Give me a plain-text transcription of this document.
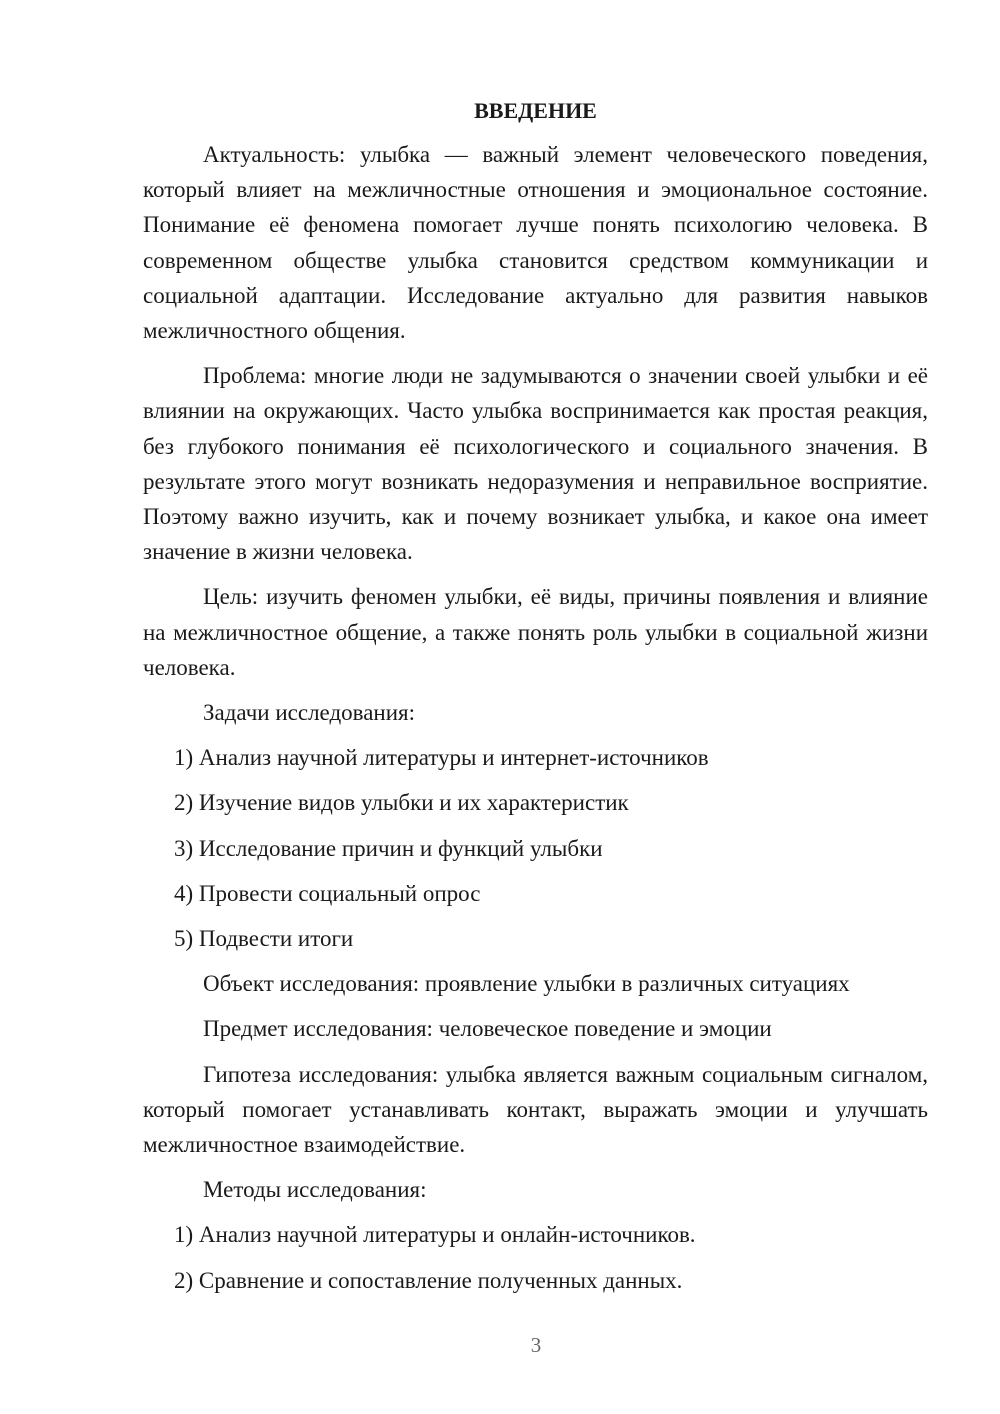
ВВЕДЕНИЕ
Актуальность: улыбка — важный элемент человеческого поведения, который влияет на межличностные отношения и эмоциональное состояние. Понимание её феномена помогает лучше понять психологию человека. В современном обществе улыбка становится средством коммуникации и социальной адаптации. Исследование актуально для развития навыков межличностного общения.
Проблема: многие люди не задумываются о значении своей улыбки и её влиянии на окружающих. Часто улыбка воспринимается как простая реакция, без глубокого понимания её психологического и социального значения. В результате этого могут возникать недоразумения и неправильное восприятие. Поэтому важно изучить, как и почему возникает улыбка, и какое она имеет значение в жизни человека.
Цель: изучить феномен улыбки, её виды, причины появления и влияние на межличностное общение, а также понять роль улыбки в социальной жизни человека.
Задачи исследования:
1) Анализ научной литературы и интернет-источников
2) Изучение видов улыбки и их характеристик
3) Исследование причин и функций улыбки
4) Провести социальный опрос
5) Подвести итоги
Объект исследования: проявление улыбки в различных ситуациях
Предмет исследования: человеческое поведение и эмоции
Гипотеза исследования: улыбка является важным социальным сигналом, который помогает устанавливать контакт, выражать эмоции и улучшать межличностное взаимодействие.
Методы исследования:
1) Анализ научной литературы и онлайн-источников.
2) Сравнение и сопоставление полученных данных.
3
